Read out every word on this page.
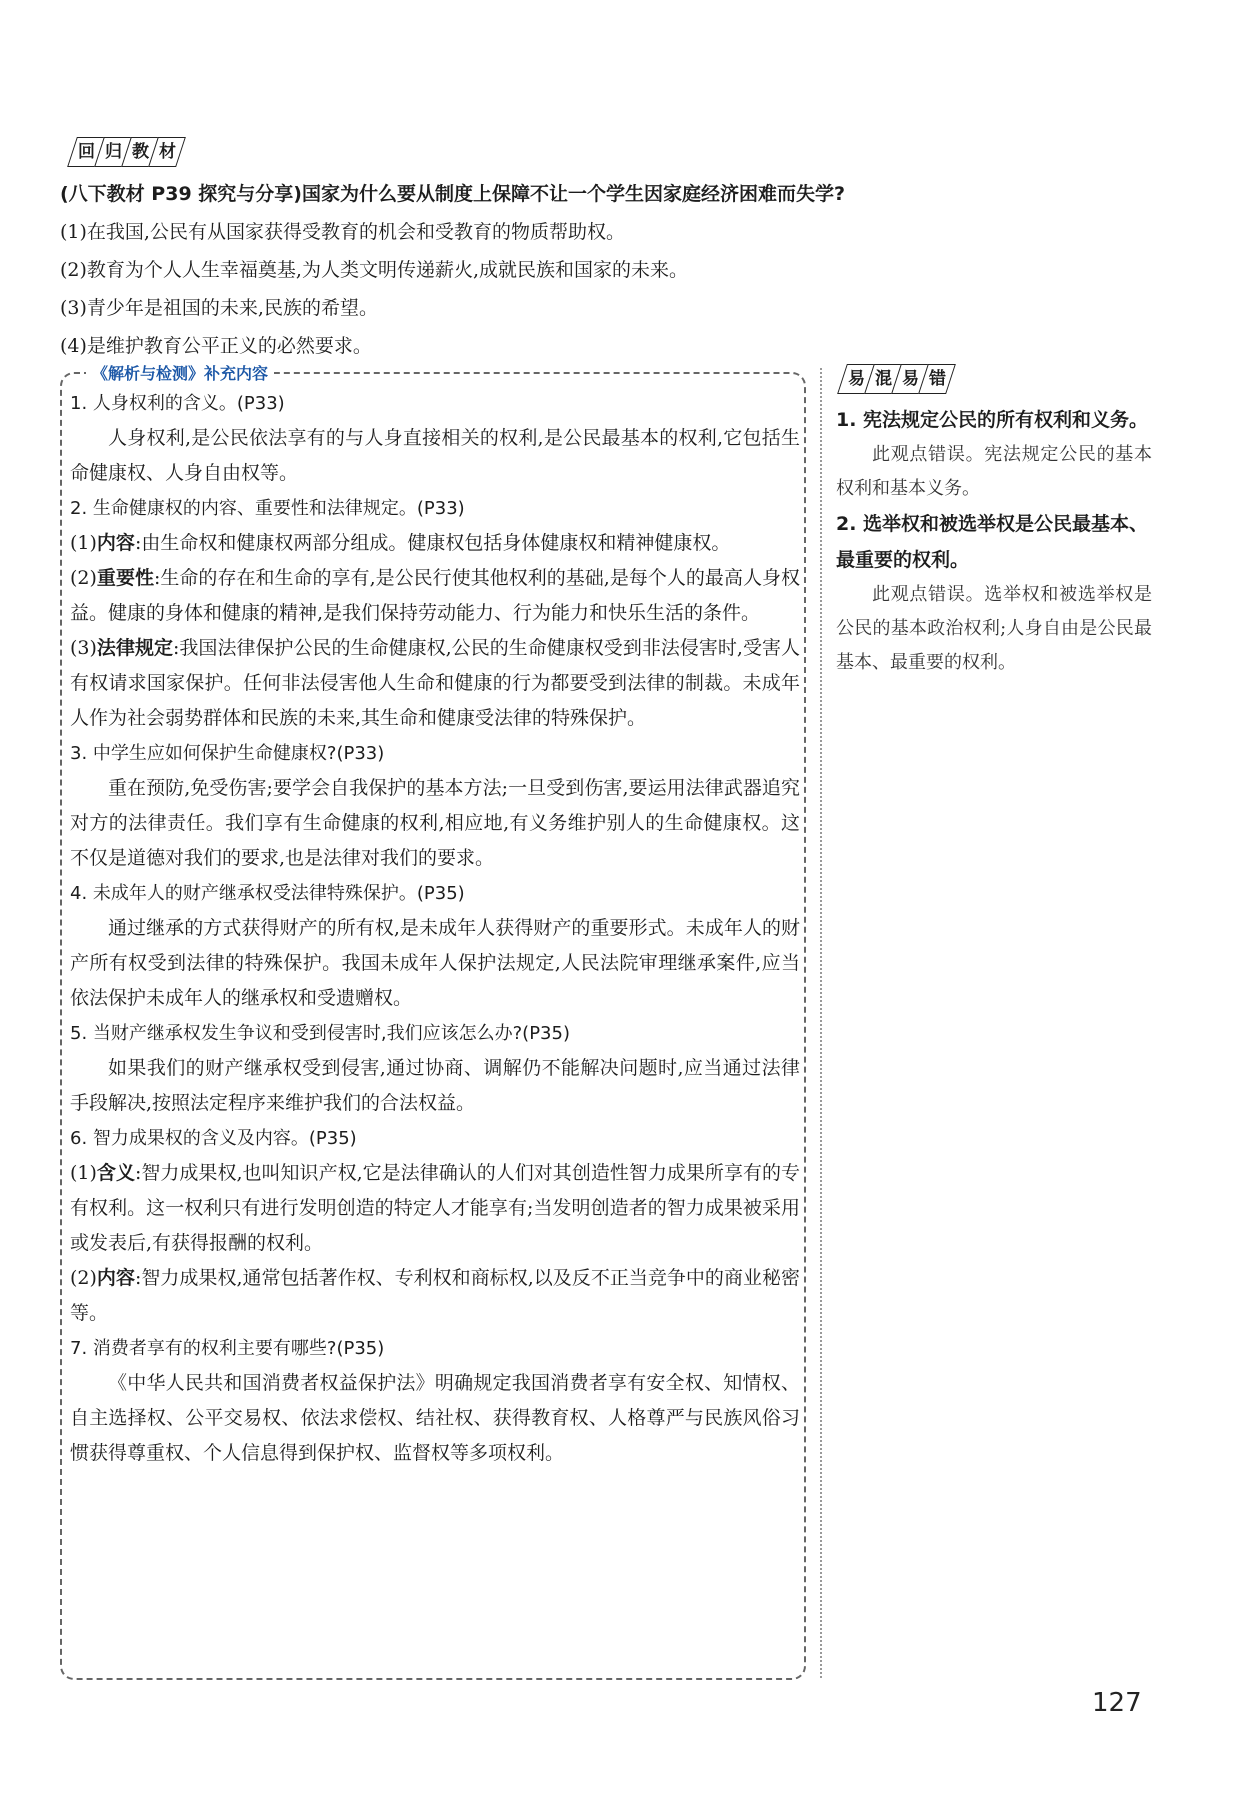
回 归 教 材
(八下教材 P39 探究与分享)国家为什么要从制度上保障不让一个学生因家庭经济困难而失学?
(1)在我国,公民有从国家获得受教育的机会和受教育的物质帮助权。
(2)教育为个人人生幸福奠基,为人类文明传递薪火,成就民族和国家的未来。
(3)青少年是祖国的未来,民族的希望。
(4)是维护教育公平正义的必然要求。
《解析与检测》补充内容
1. 人身权利的含义。(P33)
人身权利,是公民依法享有的与人身直接相关的权利,是公民最基本的权利,它包括生命健康权、人身自由权等。
2. 生命健康权的内容、重要性和法律规定。(P33)
(1)内容:由生命权和健康权两部分组成。健康权包括身体健康权和精神健康权。
(2)重要性:生命的存在和生命的享有,是公民行使其他权利的基础,是每个人的最高人身权益。健康的身体和健康的精神,是我们保持劳动能力、行为能力和快乐生活的条件。
(3)法律规定:我国法律保护公民的生命健康权,公民的生命健康权受到非法侵害时,受害人有权请求国家保护。任何非法侵害他人生命和健康的行为都要受到法律的制裁。未成年人作为社会弱势群体和民族的未来,其生命和健康受法律的特殊保护。
3. 中学生应如何保护生命健康权?(P33)
重在预防,免受伤害;要学会自我保护的基本方法;一旦受到伤害,要运用法律武器追究对方的法律责任。我们享有生命健康的权利,相应地,有义务维护别人的生命健康权。这不仅是道德对我们的要求,也是法律对我们的要求。
4. 未成年人的财产继承权受法律特殊保护。(P35)
通过继承的方式获得财产的所有权,是未成年人获得财产的重要形式。未成年人的财产所有权受到法律的特殊保护。我国未成年人保护法规定,人民法院审理继承案件,应当依法保护未成年人的继承权和受遗赠权。
5. 当财产继承权发生争议和受到侵害时,我们应该怎么办?(P35)
如果我们的财产继承权受到侵害,通过协商、调解仍不能解决问题时,应当通过法律手段解决,按照法定程序来维护我们的合法权益。
6. 智力成果权的含义及内容。(P35)
(1)含义:智力成果权,也叫知识产权,它是法律确认的人们对其创造性智力成果所享有的专有权利。这一权利只有进行发明创造的特定人才能享有;当发明创造者的智力成果被采用或发表后,有获得报酬的权利。
(2)内容:智力成果权,通常包括著作权、专利权和商标权,以及反不正当竞争中的商业秘密等。
7. 消费者享有的权利主要有哪些?(P35)
《中华人民共和国消费者权益保护法》明确规定我国消费者享有安全权、知情权、自主选择权、公平交易权、依法求偿权、结社权、获得教育权、人格尊严与民族风俗习惯获得尊重权、个人信息得到保护权、监督权等多项权利。
易 混 易 错
1. 宪法规定公民的所有权利和义务。
此观点错误。宪法规定公民的基本权利和基本义务。
2. 选举权和被选举权是公民最基本、最重要的权利。
此观点错误。选举权和被选举权是公民的基本政治权利;人身自由是公民最基本、最重要的权利。
127
